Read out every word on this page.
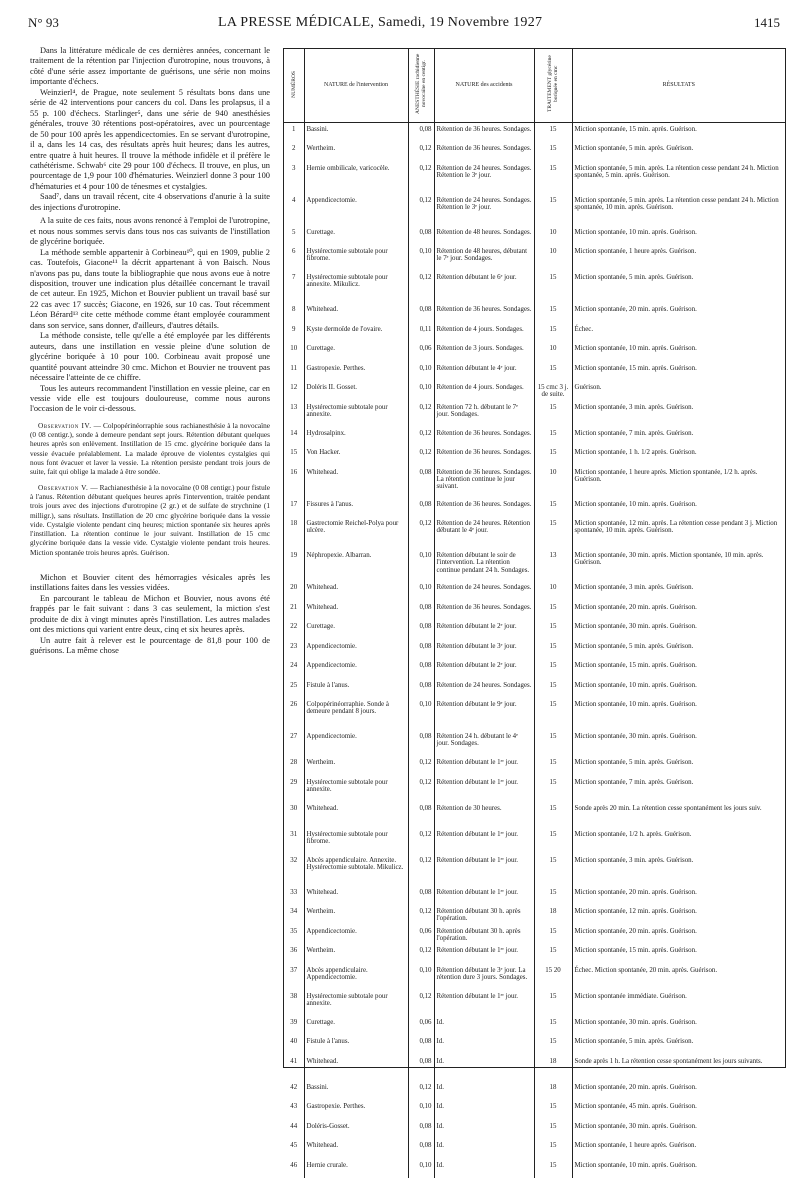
N° 93	LA PRESSE MÉDICALE, Samedi, 19 Novembre 1927	1415

Dans la littérature médicale de ces dernières années, concernant le traitement de la rétention par l'injection d'urotropine, nous trouvons, à côté d'une série assez importante de guérisons, une série non moins importante d'échecs.

Weinzierl⁴, de Prague, note seulement 5 résultats bons dans une série de 42 interventions pour cancers du col. Dans les prolapsus, il a 55 p. 100 d'échecs. Starlinger⁵, dans une série de 940 anesthésies générales, trouve 30 rétentions post-opératoires, avec un pourcentage de 50 pour 100 après les appendicectomies. En se servant d'urotropine, il a, dans les 14 cas, des résultats après huit heures; dans les autres, entre quatre à huit heures. Il trouve la méthode infidèle et il préfère le cathétérisme. Schwab⁶ cite 29 pour 100 d'échecs. Il trouve, en plus, un pourcentage de 1,9 pour 100 d'hématuries. Weinzierl donne 3 pour 100 d'hématuries et 4 pour 100 de ténesmes et cystalgies.

Saad⁷, dans un travail récent, cite 4 observations d'anurie à la suite des injections d'urotropine.

A la suite de ces faits, nous avons renoncé à l'emploi de l'urotropine, et nous nous sommes servis dans tous nos cas suivants de l'instillation de glycérine boriquée.

La méthode semble appartenir à Corbineau¹⁰, qui en 1909, publie 2 cas. Toutefois, Giacone¹¹ la décrit appartenant à von Baisch. Nous n'avons pas pu, dans toute la bibliographie que nous avons eue à notre disposition, trouver une indication plus détaillée concernant le travail de cet auteur. En 1925, Michon et Bouvier publient un travail basé sur 22 cas avec 17 succès; Giacone, en 1926, sur 10 cas. Tout récemment Léon Bérard¹³ cite cette méthode comme étant employée couramment dans son service, sans donner, d'ailleurs, d'autres détails.

La méthode consiste, telle qu'elle a été employée par les différents auteurs, dans une instillation en vessie pleine d'une solution de glycérine boriquée à 10 pour 100. Corbineau avait proposé une quantité pouvant atteindre 30 cmc. Michon et Bouvier ne trouvent pas nécessaire l'atteinte de ce chiffre.

Tous les auteurs recommandent l'instillation en vessie pleine, car en vessie vide elle est toujours douloureuse, comme nous aurons l'occasion de le voir ci-dessous.

Observation IV. — Colpopérinéorraphie sous rachianesthésie à la novocaïne (0 08 centigr.), sonde à demeure pendant sept jours. Rétention débutant quelques heures après son enlèvement. Instillation de 15 cmc. glycérine boriquée dans la vessie évacuée préalablement. La malade éprouve de violentes cystalgies qui nous font évacuer et laver la vessie. La rétention persiste pendant trois jours de suite, fait qui oblige la malade à être sondée.

Observation V. — Rachianesthésie à la novocaïne (0 08 centigr.) pour fistule à l'anus. Rétention débutant quelques heures après l'intervention, traitée pendant trois jours avec des injections d'urotropine (2 gr.) et de sulfate de strychnine (1 milligr.), sans résultats. Instillation de 20 cmc glycérine boriquée dans la vessie vide. Cystalgie violente pendant cinq heures; miction spontanée six heures après l'instillation. La rétention continue le jour suivant. Instillation de 15 cmc glycérine boriquée dans la vessie vide. Cystalgie violente pendant trois heures. Miction spontanée trois heures après. Guérison.

Michon et Bouvier citent des hémorragies vésicales après les instillations faites dans les vessies vidées.

En parcourant le tableau de Michon et Bouvier, nous avons été frappés par le fait suivant : dans 3 cas seulement, la miction s'est produite de dix à vingt minutes après l'instillation. Les autres malades ont des mictions qui varient entre deux, cinq et six heures après.

Un autre fait à relever est le pourcentage de 81,8 pour 100 de guérisons. La même chose

NUMÉROS	NATURE de l'intervention	ANESTHÉSIE rachidienne novocaïne en centigr.	NATURE des accidents	TRAITEMENT glycérine boriquée en cmc	RÉSULTATS
1	Bassini.	0,08	Rétention de 36 heures. Sondages.	15	Miction spontanée, 15 min. après. Guérison.
2	Wertheim.	0,12	Rétention de 36 heures. Sondages.	15	Miction spontanée, 5 min. après. Guérison.
3	Hernie ombilicale, varicocèle.	0,12	Rétention de 24 heures. Sondages. Rétention le 3ᵉ jour.	15	Miction spontanée, 5 min. après. La rétention cesse pendant 24 h. Miction spontanée, 5 min. après. Guérison.
4	Appendicectomie.	0,12	Rétention de 24 heures. Sondages. Rétention le 3ᵉ jour.	15	Miction spontanée, 5 min. après. La rétention cesse pendant 24 h. Miction spontanée, 10 min. après. Guérison.
5	Curettage.	0,08	Rétention de 48 heures. Sondages.	10	Miction spontanée, 10 min. après. Guérison.
6	Hystérectomie subtotale pour fibrome.	0,10	Rétention de 48 heures, débutant le 7ᵉ jour. Sondages.	10	Miction spontanée, 1 heure après. Guérison.
7	Hystérectomie subtotale pour annexite. Mikulicz.	0,12	Rétention débutant le 6ᵉ jour.	15	Miction spontanée, 5 min. après. Guérison.
8	Whitehead.	0,08	Rétention de 36 heures. Sondages.	15	Miction spontanée, 20 min. après. Guérison.
9	Kyste dermoïde de l'ovaire.	0,11	Rétention de 4 jours. Sondages.	15	Échec.
10	Curettage.	0,06	Rétention de 3 jours. Sondages.	10	Miction spontanée, 10 min. après. Guérison.
11	Gastropexie. Perthes.	0,10	Rétention débutant le 4ᵉ jour.	15	Miction spontanée, 15 min. après. Guérison.
12	Doléris II. Gosset.	0,10	Rétention de 4 jours. Sondages.	15 cmc 3 j. de suite.	Guérison.
13	Hystérectomie subtotale pour annexite.	0,12	Rétention 72 h. débutant le 7ᵉ jour. Sondages.	15	Miction spontanée, 3 min. après. Guérison.
14	Hydrosalpinx.	0,12	Rétention de 36 heures. Sondages.	15	Miction spontanée, 7 min. après. Guérison.
15	Von Hacker.	0,12	Rétention de 36 heures. Sondages.	15	Miction spontanée, 1 h. 1/2 après. Guérison.
16	Whitehead.	0,08	Rétention de 36 heures. Sondages. La rétention continue le jour suivant.	10	Miction spontanée, 1 heure après. Miction spontanée, 1/2 h. après. Guérison.
17	Fissures à l'anus.	0,08	Rétention de 36 heures. Sondages.	15	Miction spontanée, 10 min. après. Guérison.
18	Gastrectomie Reichel-Polya pour ulcère.	0,12	Rétention de 24 heures. Rétention débutant le 4ᵉ jour.	15	Miction spontanée, 12 min. après. La rétention cesse pendant 3 j. Miction spontanée, 10 min. après. Guérison.
19	Néphropexie. Albarran.	0,10	Rétention débutant le soir de l'intervention. La rétention continue pendant 24 h. Sondages.	13	Miction spontanée, 30 min. après. Miction spontanée, 10 min. après. Guérison.
20	Whitehead.	0,10	Rétention de 24 heures. Sondages.	10	Miction spontanée, 3 min. après. Guérison.
21	Whitehead.	0,08	Rétention de 36 heures. Sondages.	15	Miction spontanée, 20 min. après. Guérison.
22	Curettage.	0,08	Rétention débutant le 2ᵉ jour.	15	Miction spontanée, 30 min. après. Guérison.
23	Appendicectomie.	0,08	Rétention débutant le 3ᵉ jour.	15	Miction spontanée, 5 min. après. Guérison.
24	Appendicectomie.	0,08	Rétention débutant le 2ᵉ jour.	15	Miction spontanée, 15 min. après. Guérison.
25	Fistule à l'anus.	0,08	Rétention de 24 heures. Sondages.	15	Miction spontanée, 10 min. après. Guérison.
26	Colpopérinéorraphie. Sonde à demeure pendant 8 jours.	0,10	Rétention débutant le 9ᵉ jour.	15	Miction spontanée, 10 min. après. Guérison.
27	Appendicectomie.	0,08	Rétention 24 h. débutant le 4ᵉ jour. Sondages.	15	Miction spontanée, 30 min. après. Guérison.
28	Wertheim.	0,12	Rétention débutant le 1ᵉʳ jour.	15	Miction spontanée, 5 min. après. Guérison.
29	Hystérectomie subtotale pour annexite.	0,12	Rétention débutant le 1ᵉʳ jour.	15	Miction spontanée, 7 min. après. Guérison.
30	Whitehead.	0,08	Rétention de 30 heures.	15	Sonde après 20 min. La rétention cesse spontanément les jours suiv.
31	Hystérectomie subtotale pour fibrome.	0,12	Rétention débutant le 1ᵉʳ jour.	15	Miction spontanée, 1/2 h. après. Guérison.
32	Abcès appendiculaire. Annexite. Hystérectomie subtotale. Mikulicz.	0,12	Rétention débutant le 1ᵉʳ jour.	15	Miction spontanée, 3 min. après. Guérison.
33	Whitehead.	0,08	Rétention débutant le 1ᵉʳ jour.	15	Miction spontanée, 20 min. après. Guérison.
34	Wertheim.	0,12	Rétention débutant 30 h. après l'opération.	18	Miction spontanée, 12 min. après. Guérison.
35	Appendicectomie.	0,06	Rétention débutant 30 h. après l'opération.	15	Miction spontanée, 20 min. après. Guérison.
36	Wertheim.	0,12	Rétention débutant le 1ᵉʳ jour.	15	Miction spontanée, 15 min. après. Guérison.
37	Abcès appendiculaire. Appendicectomie.	0,10	Rétention débutant le 3ᵉ jour. La rétention dure 3 jours. Sondages.	15 20	Échec. Miction spontanée, 20 min. après. Guérison.
38	Hystérectomie subtotale pour annexite.	0,12	Rétention débutant le 1ᵉʳ jour.	15	Miction spontanée immédiate. Guérison.
39	Curettage.	0,06	Id.	15	Miction spontanée, 30 min. après. Guérison.
40	Fistule à l'anus.	0,08	Id.	15	Miction spontanée, 5 min. après. Guérison.
41	Whitehead.	0,08	Id.	18	Sonde après 1 h. La rétention cesse spontanément les jours suivants.
42	Bassini.	0,12	Id.	18	Miction spontanée, 20 min. après. Guérison.
43	Gastropexie. Perthes.	0,10	Id.	15	Miction spontanée, 45 min. après. Guérison.
44	Doléris-Gosset.	0,08	Id.	15	Miction spontanée, 30 min. après. Guérison.
45	Whitehead.	0,08	Id.	15	Miction spontanée, 1 heure après. Guérison.
46	Hernie crurale.	0,10	Id.	15	Miction spontanée, 10 min. après. Guérison.
